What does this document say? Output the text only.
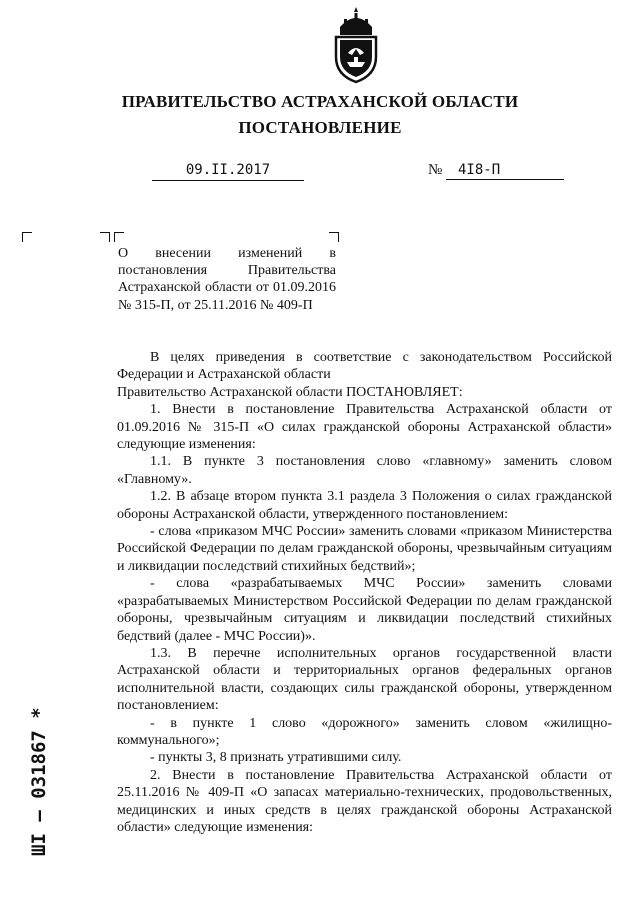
ПРАВИТЕЛЬСТВО АСТРАХАНСКОЙ ОБЛАСТИ
ПОСТАНОВЛЕНИЕ
09.II.2017	№	4I8-П
О внесении изменений в постановления Правительства Астраханской области от 01.09.2016 № 315-П, от 25.11.2016 № 409-П

В целях приведения в соответствие с законодательством Российской Федерации и Астраханской области

Правительство Астраханской области ПОСТАНОВЛЯЕТ:

1. Внести в постановление Правительства Астраханской области от 01.09.2016 № 315-П «О силах гражданской обороны Астраханской области» следующие изменения:

1.1. В пункте 3 постановления слово «главному» заменить словом «Главному».

1.2. В абзаце втором пункта 3.1 раздела 3 Положения о силах гражданской обороны Астраханской области, утвержденного постановлением:

- слова «приказом МЧС России» заменить словами «приказом Министерства Российской Федерации по делам гражданской обороны, чрезвычайным ситуациям и ликвидации последствий стихийных бедствий»;

- слова «разрабатываемых МЧС России» заменить словами «разрабатываемых Министерством Российской Федерации по делам гражданской обороны, чрезвычайным ситуациям и ликвидации последствий стихийных бедствий (далее - МЧС России)».

1.3. В перечне исполнительных органов государственной власти Астраханской области и территориальных органов федеральных органов исполнительной власти, создающих силы гражданской обороны, утвержденном постановлением:

- в пункте 1 слово «дорожного» заменить словом «жилищно-коммунального»;

- пункты 3, 8 признать утратившими силу.

2. Внести в постановление Правительства Астраханской области от 25.11.2016 № 409-П «О запасах материально-технических, продовольственных, медицинских и иных средств в целях гражданской обороны Астраханской области» следующие изменения:

ШI – 031867 *
